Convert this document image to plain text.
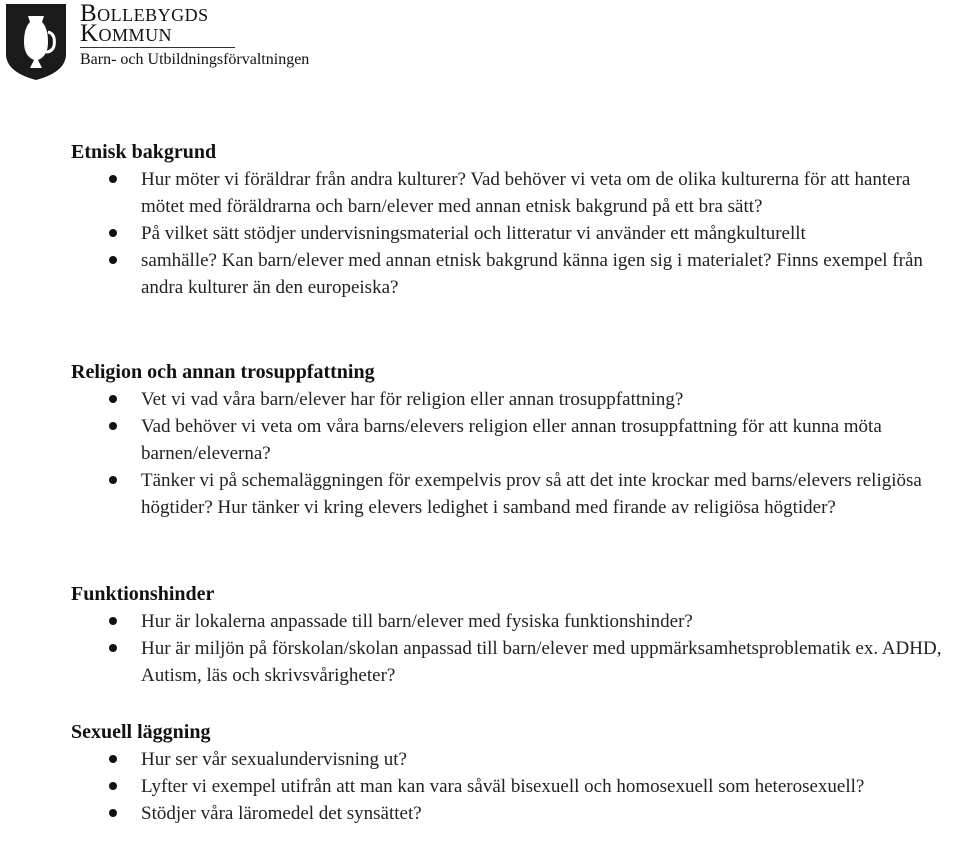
Bollebygds
Kommun
Barn- och Utbildningsförvaltningen
Etnisk bakgrund
Hur möter vi föräldrar från andra kulturer? Vad behöver vi veta om de olika kulturerna för att hantera mötet med föräldrarna och barn/elever med annan etnisk bakgrund på ett bra sätt?
På vilket sätt stödjer undervisningsmaterial och litteratur vi använder ett mångkulturellt
samhälle? Kan barn/elever med annan etnisk bakgrund känna igen sig i materialet? Finns exempel från andra kulturer än den europeiska?
Religion och annan trosuppfattning
Vet vi vad våra barn/elever har för religion eller annan trosuppfattning?
Vad behöver vi veta om våra barns/elevers religion eller annan trosuppfattning för att kunna möta barnen/eleverna?
Tänker vi på schemaläggningen för exempelvis prov så att det inte krockar med barns/elevers religiösa högtider? Hur tänker vi kring elevers ledighet i samband med firande av religiösa högtider?
Funktionshinder
Hur är lokalerna anpassade till barn/elever med fysiska funktionshinder?
Hur är miljön på förskolan/skolan anpassad till barn/elever med uppmärksamhetsproblematik ex. ADHD, Autism, läs och skrivsvårigheter?
Sexuell läggning
Hur ser vår sexualundervisning ut?
Lyfter vi exempel utifrån att man kan vara såväl bisexuell och homosexuell som heterosexuell?
Stödjer våra läromedel det synsättet?
